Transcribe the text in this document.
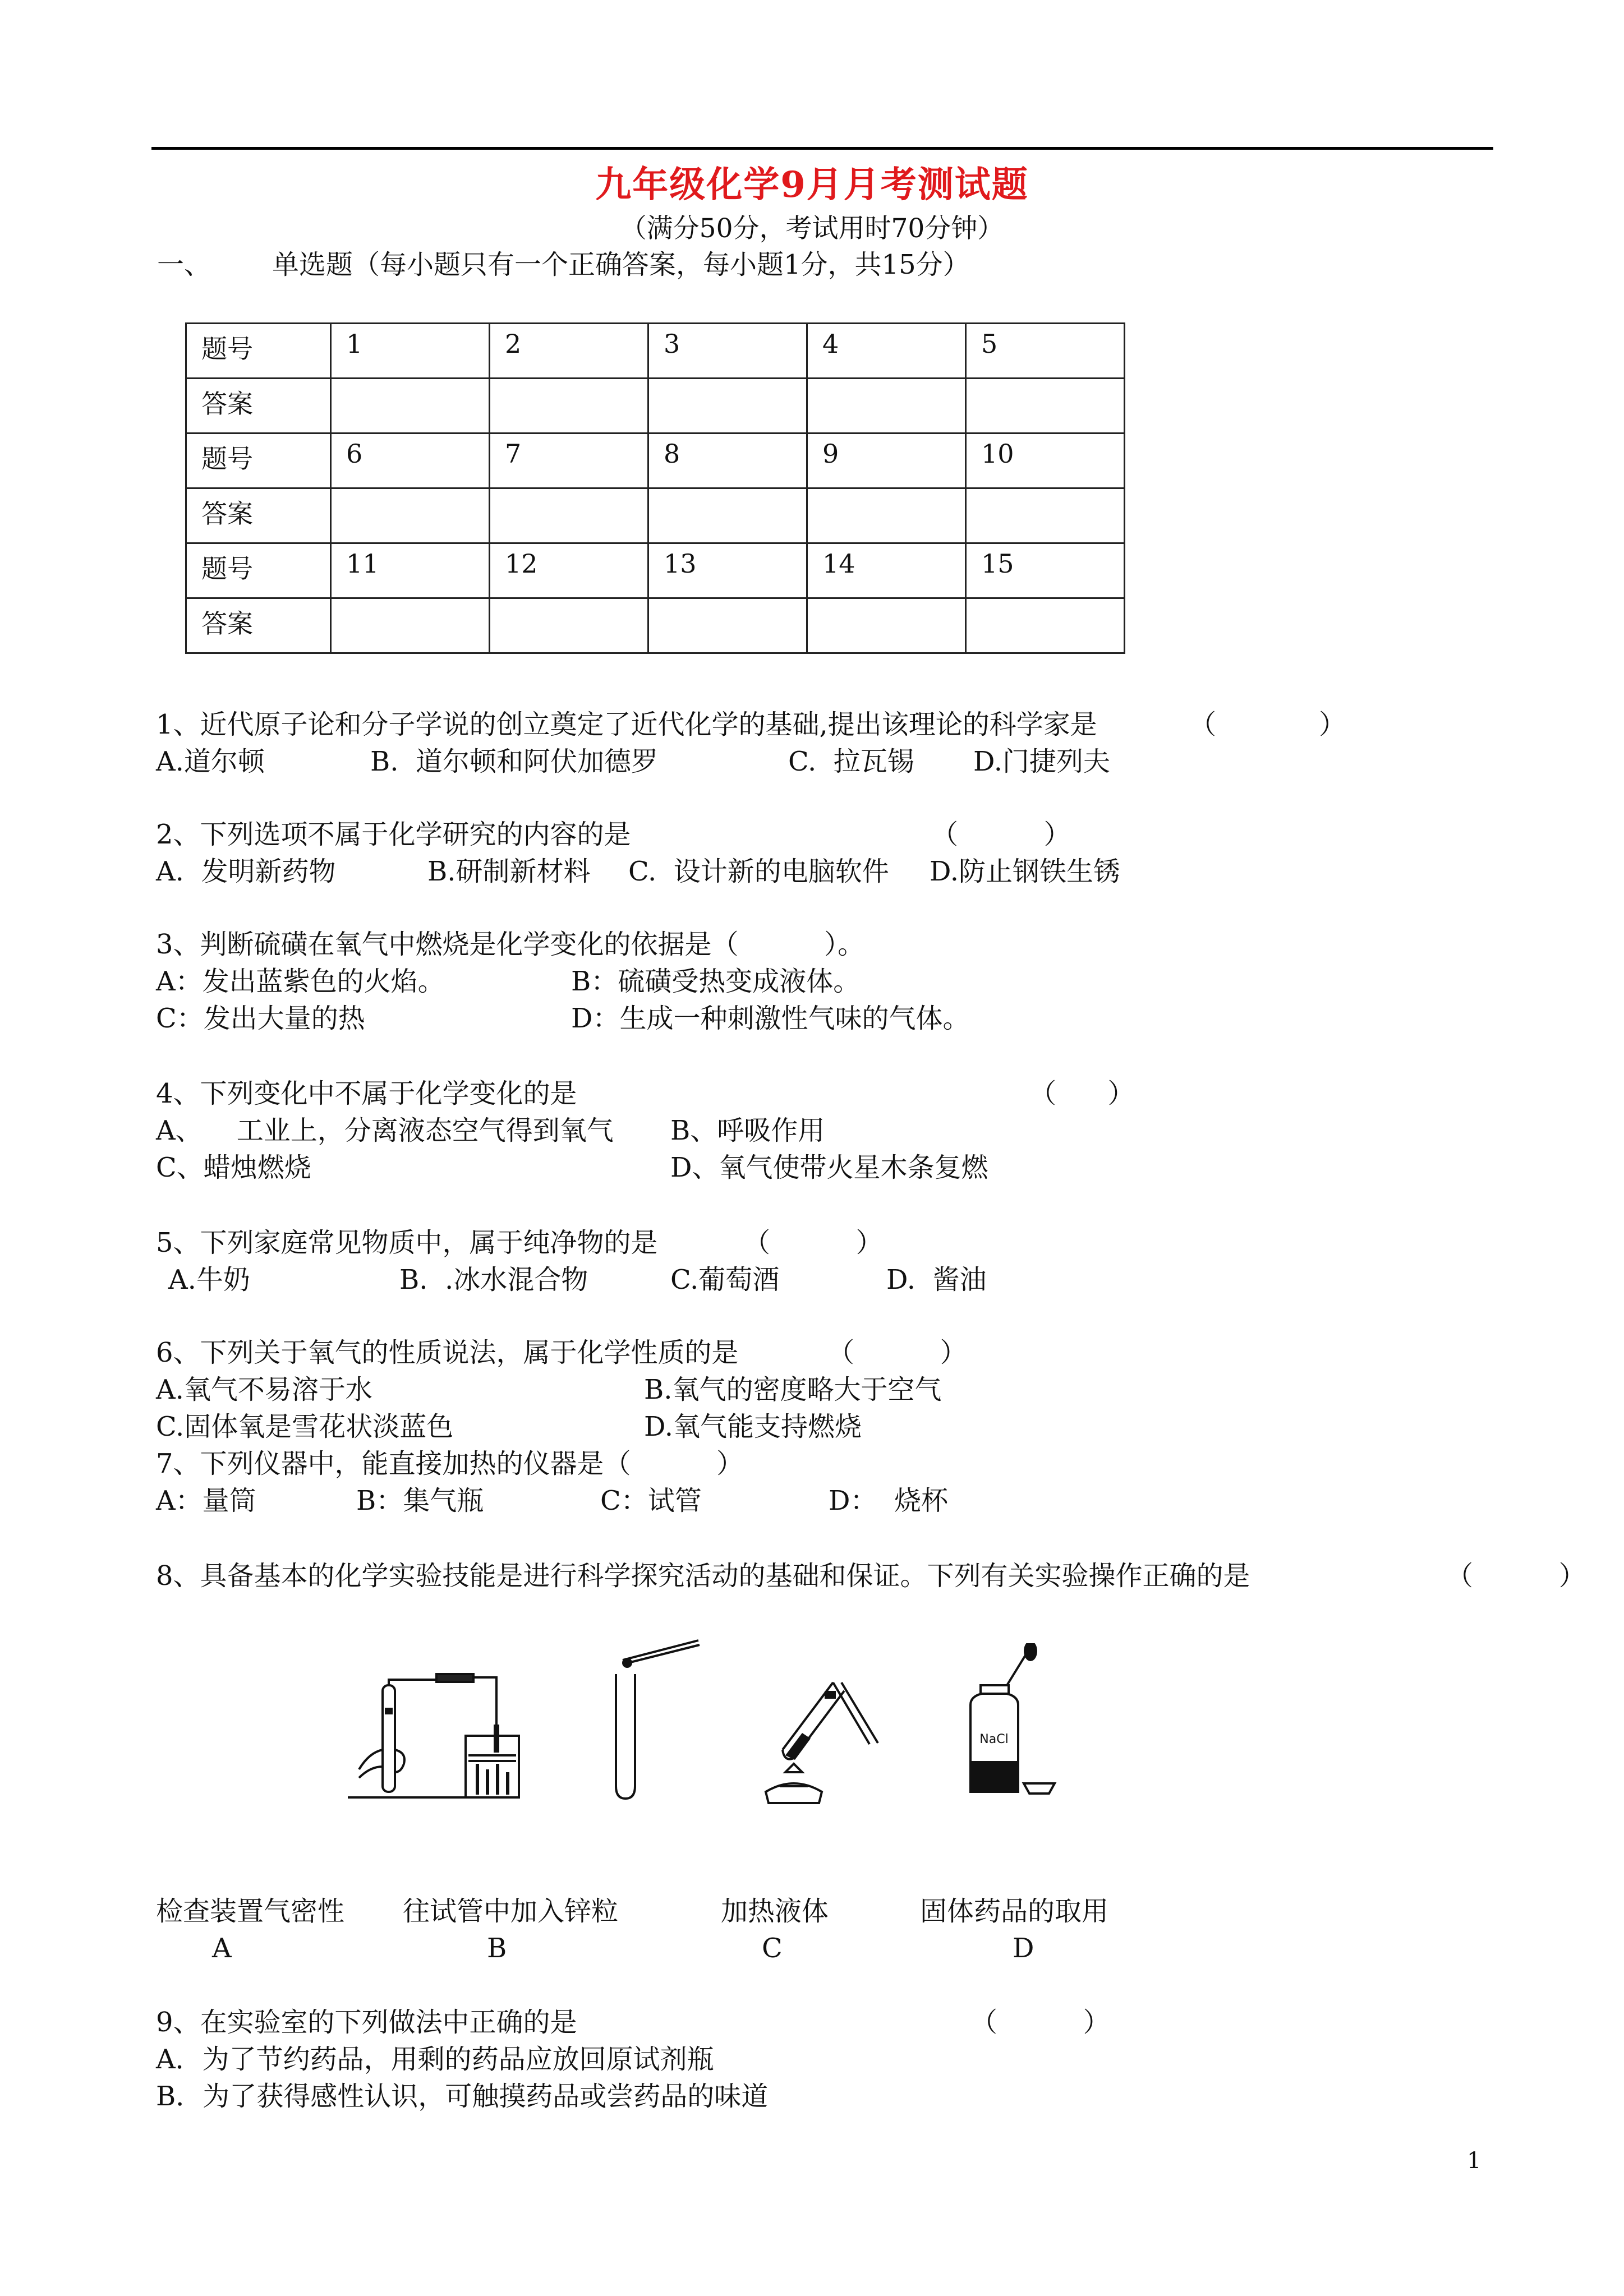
九年级化学9月月考测试题
（满分50分，考试用时70分钟）
一、 单选题（每小题只有一个正确答案，每小题1分，共15分）
题号	1	2	3	4	5
答案					
题号	6	7	8	9	10
答案					
题号	11	12	13	14	15
答案					
1、近代原子论和分子学说的创立奠定了近代化学的基础,提出该理论的科学家是	（            ）
A.道尔顿	B.  道尔顿和阿伏加德罗	C.  拉瓦锡 D.门捷列夫
2、下列选项不属于化学研究的内容的是	（          ）
A.  发明新药物	B.研制新材料 C.  设计新的电脑软件 D.防止钢铁生锈
3、判断硫磺在氧气中燃烧是化学变化的依据是（          ）。
A：发出蓝紫色的火焰。	B：硫磺受热变成液体。
C：发出大量的热	D：生成一种刺激性气味的气体。
4、下列变化中不属于化学变化的是	（      ）
A、    工业上，分离液态空气得到氧气 B、呼吸作用
C、蜡烛燃烧	D、氧气使带火星木条复燃
5、下列家庭常见物质中，属于纯净物的是	（          ）
A.牛奶	B.  .冰水混合物	C.葡萄酒	D.  酱油
6、下列关于氧气的性质说法，属于化学性质的是	（          ）
A.氧气不易溶于水	B.氧气的密度略大于空气
C.固体氧是雪花状淡蓝色	D.氧气能支持燃烧
7、下列仪器中，能直接加热的仪器是（          ）
A：量筒	B：集气瓶	C：试管	D：  烧杯
8、具备基本的化学实验技能是进行科学探究活动的基础和保证。下列有关实验操作正确的是	（          ）
NaCl
检查装置气密性 往试管中加入锌粒	加热液体	固体药品的取用
A	B	C	D
9、在实验室的下列做法中正确的是	（          ）
A．为了节约药品，用剩的药品应放回原试剂瓶
B．为了获得感性认识，可触摸药品或尝药品的味道
1
